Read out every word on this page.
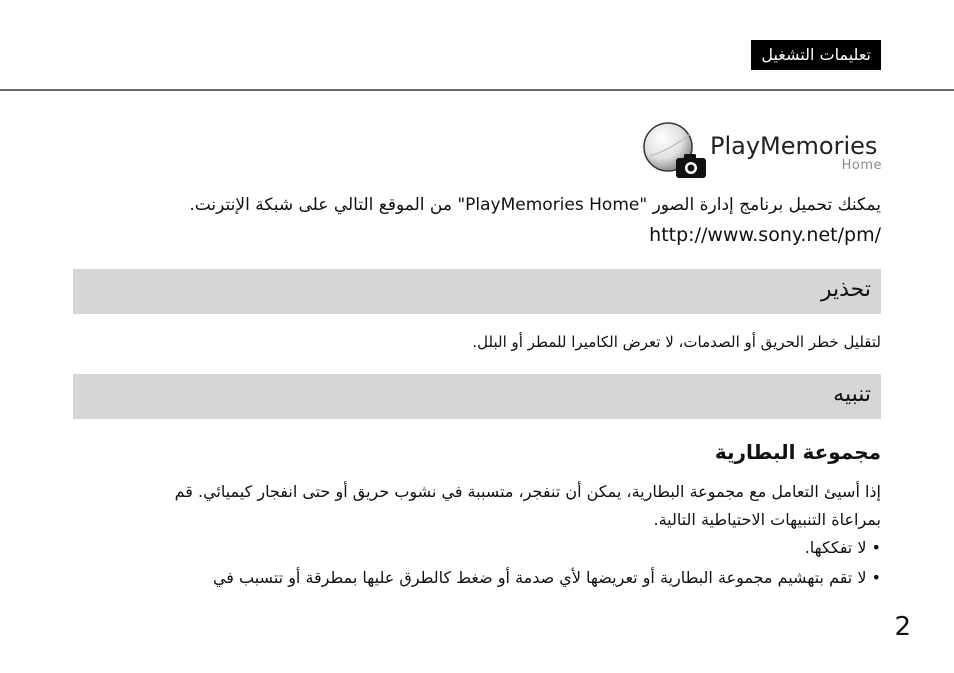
تعليمات التشغيل
PlayMemories
Home
يمكنك تحميل برنامج إدارة الصور "PlayMemories Home" من الموقع التالي على شبكة الإنترنت.
http://www.sony.net/pm/
تحذير
لتقليل خطر الحريق أو الصدمات، لا تعرض الكاميرا للمطر أو البلل.
تنبيه
مجموعة البطارية
إذا أسيئ التعامل مع مجموعة البطارية، يمكن أن تنفجر، متسببة في نشوب حريق أو حتى انفجار كيميائي. قم
بمراعاة التنبيهات الاحتياطية التالية.
• لا تفككها.
• لا تقم بتهشيم مجموعة البطارية أو تعريضها لأي صدمة أو ضغط كالطرق عليها بمطرقة أو تتسبب في
2
